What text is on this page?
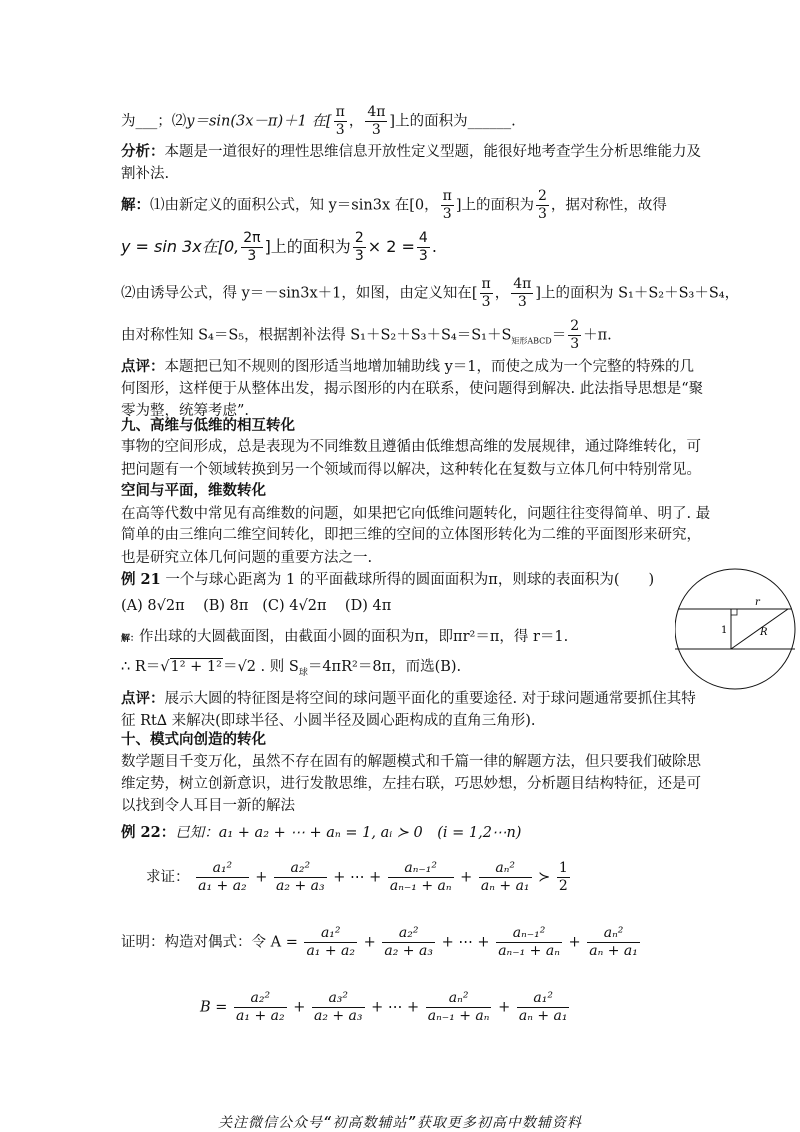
为___；⑵y＝sin(3x－π)＋1 在[ $\frac{\pi}{3}$ ， $\frac{4\pi}{3}$ ]上的面积为______.
分析：本题是一道很好的理性思维信息开放性定义型题，能很好地考查学生分析思维能力及
割补法.
解：⑴由新定义的面积公式，知 y＝sin3x 在[0， $\frac{\pi}{3}$ ]上的面积为 $\frac{2}{3}$ ，据对称性，故得
y = sin 3x在[0, $\frac{2\pi}{3}$ ]上的面积为 $\frac{2}{3} \times 2 = \frac{4}{3}$ .
⑵由诱导公式，得 y＝－sin3x＋1，如图，由定义知在[ $\frac{\pi}{3}$ ， $\frac{4\pi}{3}$ ]上的面积为 S₁＋S₂＋S₃＋S₄，
由对称性知 S₄＝S₅，根据割补法得 $S_1+S_2+S_3+S_4=S_1+S_{矩形ABCD}= \frac{2}{3} +\pi$.
点评：本题把已知不规则的图形适当地增加辅助线 y＝1，而使之成为一个完整的特殊的几
何图形，这样便于从整体出发，揭示图形的内在联系，使问题得到解决. 此法指导思想是“聚
零为整，统筹考虑”.
九、高维与低维的相互转化
事物的空间形成，总是表现为不同维数且遵循由低维想高维的发展规律，通过降维转化，可
把问题有一个领域转换到另一个领域而得以解决，这种转化在复数与立体几何中特别常见。
空间与平面，维数转化
在高等代数中常见有高维数的问题，如果把它向低维问题转化，问题往往变得简单、明了. 最
简单的由三维向二维空间转化，即把三维的空间的立体图形转化为二维的平面图形来研究，
也是研究立体几何问题的重要方法之一.
例 21 一个与球心距离为 1 的平面截球所得的圆面面积为π，则球的表面积为(　　)
(A) 8√2π (B) 8π (C) 4√2π (D) 4π
解：作出球的大圆截面图，由截面小圆的面积为π，即πr²＝π，得 r＝1.
∴ R＝√1² + 1²＝√2 . 则 $S_球=4\pi R^2=8\pi$，而选(B).
点评：展示大圆的特征图是将空间的球问题平面化的重要途径. 对于球问题通常要抓住其特
征 Rt∆ 来解决(即球半径、小圆半径及圆心距构成的直角三角形).
r
R
1
十、模式向创造的转化
数学题目千变万化，虽然不存在固有的解题模式和千篇一律的解题方法，但只要我们破除思
维定势，树立创新意识，进行发散思维，左挂右联，巧思妙想，分析题目结构特征，还是可
以找到令人耳目一新的解法
例 22：已知：a₁ + a₂ + ⋯ + aₙ = 1, aᵢ ≻ 0　(i = 1,2⋯n)
求证： $\frac{\text{a₁²}}{\text{a₁ + a₂}} + \frac{\text{a₂²}}{\text{a₂ + a₃}}$ + ⋯ + $\frac{\text{aₙ₋₁²}}{\text{aₙ₋₁ + aₙ}} + \frac{\text{aₙ²}}{\text{aₙ + a₁}}$ ≻ $\frac{1}{2}$
证明：构造对偶式：令 $A = \frac{\text{a₁²}}{\text{a₁ + a₂}} + \frac{\text{a₂²}}{\text{a₂ + a₃}}$ + ⋯ + $\frac{\text{aₙ₋₁²}}{\text{aₙ₋₁ + aₙ}} + \frac{\text{aₙ²}}{\text{aₙ + a₁}}$
$B = \frac{\text{a₂²}}{\text{a₁ + a₂}} + \frac{\text{a₃²}}{\text{a₂ + a₃}}$ + ⋯ + $\frac{\text{aₙ²}}{\text{aₙ₋₁ + aₙ}} + \frac{\text{a₁²}}{\text{aₙ + a₁}}$
关注微信公众号“初高数辅站”获取更多初高中数辅资料
